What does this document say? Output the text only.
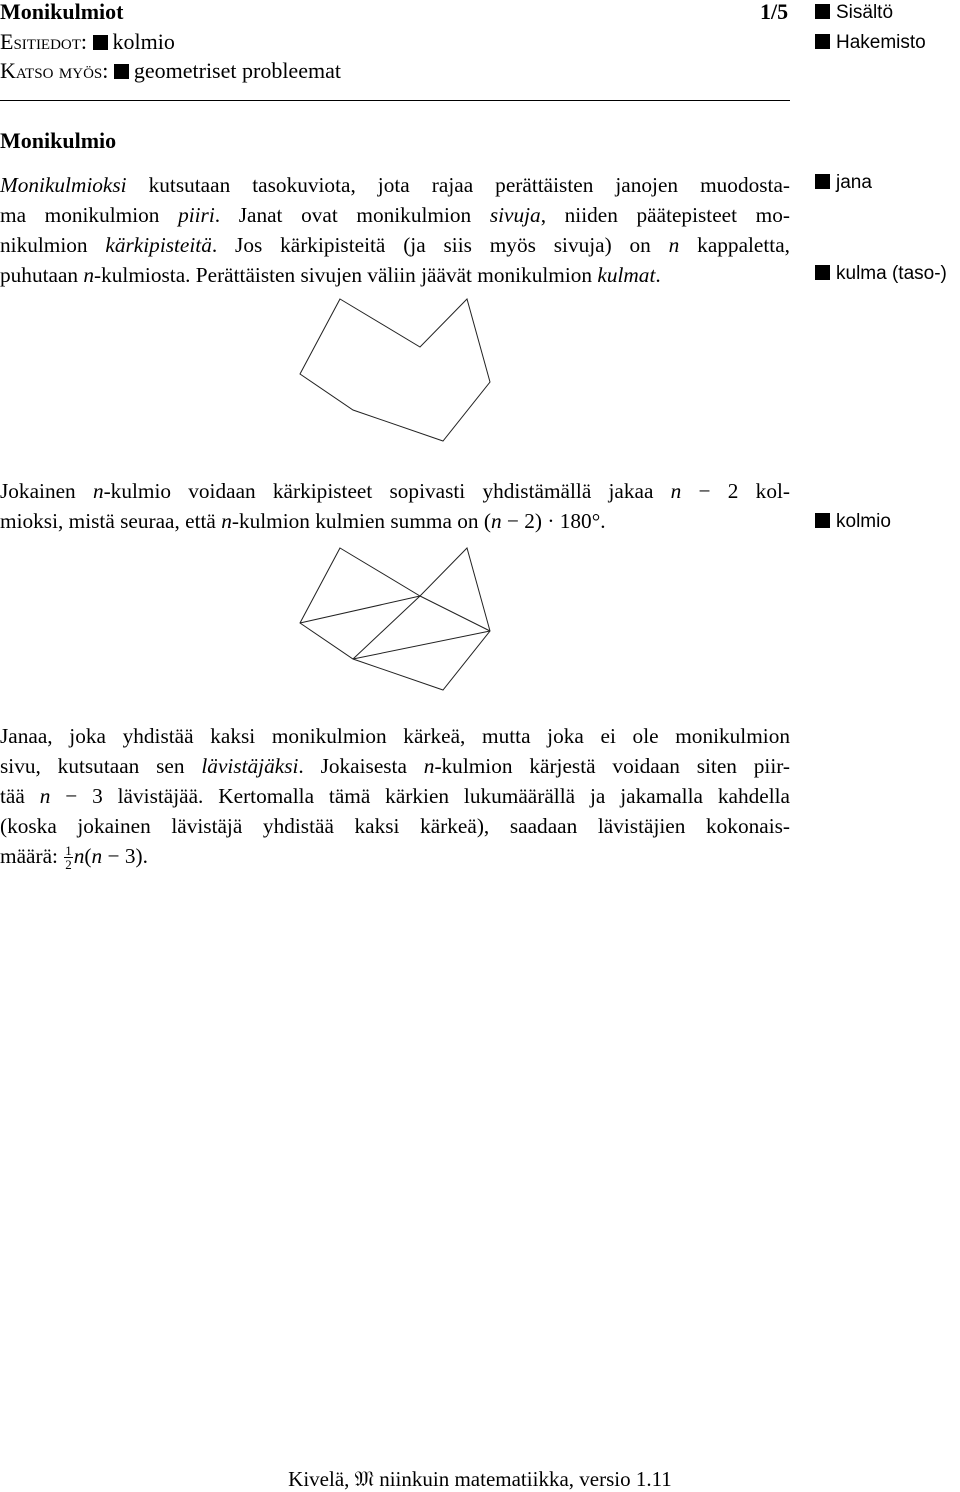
Monikulmiot	1/5
Esitiedot: kolmio
Katso myös: geometriset probleemat
Sisältö
Hakemisto
Monikulmio
Monikulmioksi kutsutaan tasokuviota, jota rajaa perättäisten janojen muodosta-
ma monikulmion piiri. Janat ovat monikulmion sivuja, niiden päätepisteet mo-
nikulmion kärkipisteitä. Jos kärkipisteitä (ja siis myös sivuja) on n kappaletta,
puhutaan n-kulmiosta. Perättäisten sivujen väliin jäävät monikulmion kulmat.
jana
kulma (taso-)
Jokainen n-kulmio voidaan kärkipisteet sopivasti yhdistämällä jakaa n − 2 kol-
mioksi, mistä seuraa, että n-kulmion kulmien summa on (n − 2) · 180°.	kolmio
Janaa, joka yhdistää kaksi monikulmion kärkeä, mutta joka ei ole monikulmion
sivu, kutsutaan sen lävistäjäksi. Jokaisesta n-kulmion kärjestä voidaan siten piir-
tää n − 3 lävistäjää. Kertomalla tämä kärkien lukumäärällä ja jakamalla kahdella
(koska jokainen lävistäjä yhdistää kaksi kärkeä), saadaan lävistäjien kokonais-
määrä: $\frac{1}{2} n(n - 3)$.
Kivelä, 𝔐 niinkuin matematiikka, versio 1.11
